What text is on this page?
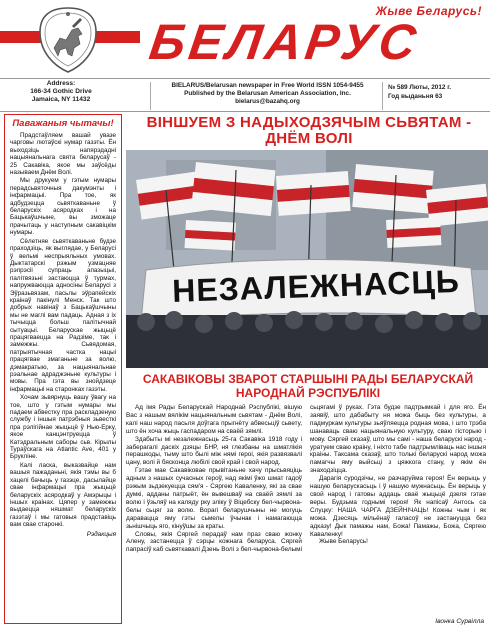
Жыве Беларусь!
БЕЛАРУС
Address:
166-34 Gothic Drive
Jamaica, NY 11432
BIELARUS/Belarusan newspaper in Free World ISSN 1054-9455
Published by the Belarusan American Association, Inc.
bielarus@bazahq.org
№ 589 Люты, 2012 г.
Год выданьня 63
Паважаныя чытачы!

Прадстаўляем вашай увазе чарговы лютаўскі нумар газэты. Ён выходзіць напярэдадні нацыянальнага свята беларусаў - 25 Сакавіка, якое мы заўсёды называем Днём Волі.

Мы друкуем у гэтым нумары перадсьвяточныя дакумэнты і інфармацыі. Пра тое, як адбудзецца сьвяткаваньне ў беларускіх асяродках і на Бацькаўшчыне, вы зможаце прачытаць у наступным сакавіцкім нумары.

Сёлетняе сьвяткаваньне будзе праходзіць, як выглядае, у Беларусі ў вельмі неспрыяльных умовах. Дыктатарскі рэжым узмацняе рэпрэсіі супраць апазыцыі, палітвязьні застаюцца ў турмах, напружваюцца адносіны Беларусі з Эўразьвязам, пасьлы эўрапейскіх краінаў пакінулі Менск. Так што добрых навінаў з Бацькаўшчыны мы не маглі вам падаць. Адная з іх тычыцца больш палітычнай сытуацыі. Беларускае жыцьцё працягваецца на Радзіме, так і замежжы. Сьвядомая, патрыятычная частка нацыі працягвае змаганьне за волю, дэмакратыю, за нацыянальнае рэальнае адраджэньне культуры і мовы. Пра гэта вы знойдзеце інфармацыі на старонках газэты.

Хочам зьвярнуць вашу ўвагу на тое, што у гэтым нумары мы падаем абвестку пра раскладзеную службу і іншыя патрэбныя зьвесткі пра рэлігійнае жыцьцё ў Нью-Ерку, якое канцэнтруецца ў Катэдральным саборы сьв. Кірылы Тураўскага на Atlantic Ave, 401 у Брукліне.

Калі ласка, выказвайце нам вашыя пажаданьні, якія тэмы вы б хацелі бачыць у газэце, дасылайце свае інфармацыі пра жыцьцё беларускіх асяродкаў у Амэрыцы і іншых краінах. Цяпер у замежжы выдаецца няшмат беларускіх газэтаў і мы гатовыя прадставіць вам свае старонкі.

Рэдакцыя
ВІНШУЕМ З НАДЫХОДЗЯЧЫМ СЬВЯТАМ - ДНЁМ ВОЛІ
НЕЗАЛЕЖНАСЦЬ
САКАВІКОВЫ ЗВАРОТ СТАРШЫНІ РАДЫ БЕЛАРУСКАЙ НАРОДНАЙ РЭСПУБЛІКІ

Ад імя Рады Беларускай Народнай Рэспублікі, вішую Вас з нашым вялікім нацыянальным сьвятам - Днём Волі, калі наш народ пасьля доўгага прыгнёту абвесьціў сьвету, што ён хоча жыць гаспадаром на сваёй зямлі.

Здабыты мі незалежнасьць 25-га Сакавіка 1918 году і заберагалі даскіх дзяцы БНР, ня глезбаны на шматлікія перашкоды, тыму што былі між нямі героі, якія развязвалі цану, волі й бясконца любілі свой край і свой народ.

Гэтае мае Сакавіковае прывітаньне хачу прысьвяціць адным з нашых сучасных героў, над якімі ўжо шмат гадоў рэжым зьдзекуецца сям'я - Сяргею Каваленку, які за свае думкі, адданы патрыёт, ён вывешваў на сваёй зямлі за волю і ўзьляў на каляду рку эліку ў Віцебску бел-чырвона-белы сьцяг за волю. Ворагі беларушчыны не могуць даравацца яму гэты сьмелы ўчынак і намагаюцца зьнішчыць яго, кінуўшы за краты.

Словы, якія Сяргей перадаў нам праз сваю жонку Алену, застанецца ў сэрцы кожнага беларуса. Сяргей папрасіў каб сьвяткавалі Дзень Волі з бел-чырвона-белымі сьцягамі ў руках. Гэта будзе падтрымкай і для яго. Ён заявіў, што дабабыту ня можа быць без культуры, а падмуркам культуры зьяўляецца родная мова, і што трэба шанаваць сваю нацыянальную культуру, сваю гісторыю і мову. Сяргей сказаў, што мы самі - наша беларускі народ - уратуем сваю краіну, і ніхто табе падтрымліваць нас іншыя краіны. Таксама сказаў, што толькі беларускі народ можа памагчы яму выйсьці з цяжкога стану, у якім ён знаходзіцца.

Дарагія суродзічы, не разчаруйма героя! Ён верыць у нашую беларускасьць і ў нашую мужнасьць. Ён верыць у свой народ і гатовы аддаць сваё жыцьцё дзеля гэтае веры. Будзьма годнымі героя! Як напісаў Антось са Слуцку: НАША ЧАРГА ДЗЕЙНІЧАЦЬ! Кожны чым і як можа. Дзесяць мільёнаў галасоў не застануцца без адказу! Дык памажы нам, Божа! Памажы, Божа, Сяргею Каваленку!

Жыве Беларусь!

Івонка Сурвілла
